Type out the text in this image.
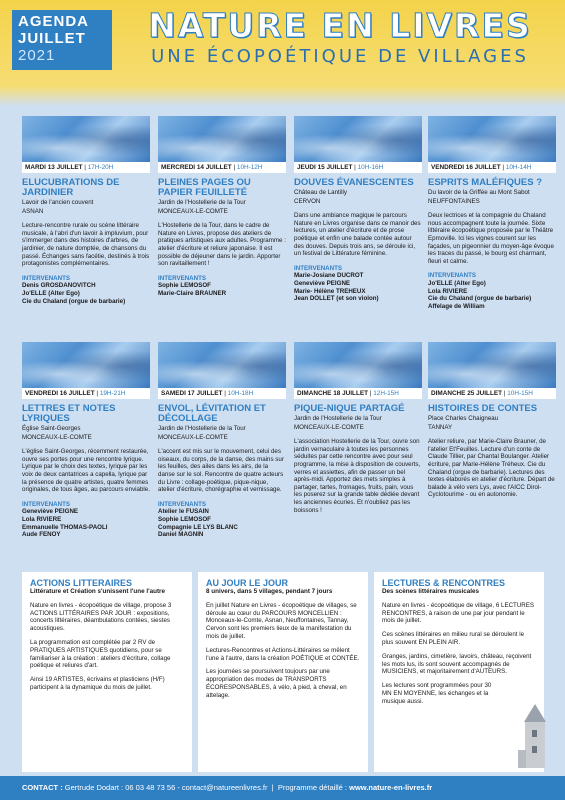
AGENDA
JUILLET
2021
NATURE EN LIVRES
UNE ÉCOPOÉTIQUE DE VILLAGES
MARDI 13 JUILLET | 17H-20H
ELUCUBRATIONS DE JARDINIER
Lavoir de l'ancien couvent
ASNAN
Lecture-rencontre rurale ou scène littéraire musicale, à l'abri d'un lavoir à impluvium, pour s'immerger dans des histoires d'arbres, de jardinier, de nature domptée, de chansons du passé. Échanges sans facétie, destinés à trois protagonistes complémentaires.
INTERVENANTS
Denis GROSDANOVITCH
Jo'ELLE (Alter Ego)
Cie du Chaland (orgue de barbarie)
MERCREDI 14 JUILLET | 10H-12H
PLEINES PAGES OU PAPIER FEUILLETÉ
Jardin de l'Hostellerie de la Tour
MONCEAUX-LE-COMTE
L'Hostellerie de la Tour, dans le cadre de Nature en Livres, propose des ateliers de pratiques artistiques aux adultes. Programme : atelier d'écriture et reliure japonaise. Il est possible de déjeuner dans le jardin. Apporter son ravitaillement !
INTERVENANTS
Sophie LEMOSOF
Marie-Claire BRAUNER
JEUDI 15 JUILLET | 10H-16H
DOUVES ÉVANESCENTES
Château de Lantilly
CERVON
Dans une ambiance magique le parcours Nature en Livres organise dans ce manoir des lectures, un atelier d'écriture et de prose poétique et enfin une balade contée autour des douves. Depuis trois ans, se déroule ici, un festival de Littérature féminine.
INTERVENANTS
Marie-Josiane DUCROT
Geneviève PEIGNE
Marie- Hélène TREHEUX
Jean DOLLET (et son violon)
VENDREDI 16 JUILLET | 10H-14H
ESPRITS MALÉFIQUES ?
Du lavoir de la Griffée au Mont Sabot
NEUFFONTAINES
Deux lectrices et la compagnie du Chaland nous accompagnent toute la journée. Sixte littéraire écopoétique proposée par le Théâtre Epmoville. Ici les vignes courent sur les façades, un pigeonnier du moyen-âge évoque les traces du passé, le bourg est charmant, fleuri et calme.
INTERVENANTS
Jo'ELLE (Alter Ego)
Lola RIVIERE
Cie du Chaland (orgue de barbarie)
Affelage de William
VENDREDI 16 JUILLET | 19H-21H
LETTRES ET NOTES LYRIQUES
Église Saint-Georges
MONCEAUX-LE-COMTE
L'église Saint-Georges, récemment restaurée, ouvre ses portes pour une rencontre lyrique. Lyrique par le choix des textes, lyrique par les voix de deux cantatrices a capella, lyrique par la présence de quatre artistes, quatre femmes originales, de tous âges, au parcours enviable.
INTERVENANTS
Geneviève PEIGNE
Lola RIVIERE
Emmanuelle THOMAS-PAOLI
Aude FENOY
SAMEDI 17 JUILLET | 10H-18H
ENVOL, LÉVITATION ET DÉCOLLAGE
Jardin de l'Hostellerie de la Tour
MONCEAUX-LE-COMTE
L'accent est mis sur le mouvement, celui des oiseaux, du corps, de la danse, des mains sur les feuilles, des ailes dans les airs, de la danse sur le sol. Rencontre de quatre acteurs du Livre : collage-poétique, pique-nique, atelier d'écriture, chorégraphie et vernissage.
INTERVENANTS
Atelier le FUSAIN
Sophie LEMOSOF
Compagnie LE LYS BLANC
Daniel MAGNIN
DIMANCHE 18 JUILLET | 12H-15H
PIQUE-NIQUE PARTAGÉ
Jardin de l'Hostellerie de la Tour
MONCEAUX-LE-COMTE
L'association Hostellerie de la Tour, ouvre son jardin vernaculaire à toutes les personnes séduites par cette rencontre avec pour seul programme, la mise à disposition de couverts, verres et assiettes, afin de passer un bel après-midi. Apportez des mets simples à partager, tartes, fromages, fruits, pain, vous les poserez sur la grande table dédiée devant les anciennes écuries. Et n'oubliez pas les boissons !
DIMANCHE 25 JUILLET | 10H-15H
HISTOIRES DE CONTES
Place Charles Chaigneau
TANNAY
Atelier reliure, par Marie-Claire Brauner, de l'atelier Et'Feuilles. Lecture d'un conte de Claude Tillier, par Chantal Boulanger. Atelier écriture, par Marie-Hélène Tréheux. Cie du Chaland (orgue de barbarie). Lectures des textes élaborés en atelier d'écriture. Départ de balade à vélo vers Lys, avec l'AICC Dirol-Cyclotourime - ou en autonomie.
ACTIONS LITTERAIRES
Littérature et Création s'unissent l'une l'autre

Nature en livres - écopoétique de village, propose 3 ACTIONS LITTÉRAIRES PAR JOUR : expositions, concerts littéraires, déambulations contées, siestes acoustiques.

La programmation est complétée par 2 RV de PRATIQUES ARTISTIQUES quotidiens, pour se familiariser à la création : ateliers d'écriture, collage poétique et reliures d'art.

Ainsi 19 ARTISTES, écrivains et plasticiens (H/F) participent à la dynamique du mois de juillet.

AU JOUR LE JOUR
8 univers, dans 5 villages, pendant 7 jours

En juillet Nature en Livres - écopoétique de villages, se déroule au cœur du PARCOURS MONCELLIEN : Monceaux-le-Comte, Asnan, Neuffontaines, Tannay, Cervon sont les premiers lieux de la manifestation du mois de juillet.

Lectures-Rencontres et Actions-Littéraires se mêlent l'une à l'autre, dans la création POÉTIQUE et CONTÉE.

Les journées se poursuivent toujours par une appropriation des modes de TRANSPORTS ÉCORESPONSABLES, à vélo, à pied, à cheval, en attelage.

LECTURES & RENCONTRES
Des scènes littéraires musicales

Nature en livres - écopoétique de village, 6 LECTURES RENCONTRES, à raison de une par jour pendant le mois de juillet.

Ces scènes littéraires en milieu rural se déroulent le plus souvent EN PLEIN AIR.

Granges, jardins, cimetière, lavoirs, château, reçoivent les mots lus, ils sont souvent accompagnés de MUSICIENS, et majoritairement d'AUTEURS.

Les lectures sont programmées pour 30 MN EN MOYENNE, les échanges et la musique aussi.

CONTACT : Gertrude Dodart : 06 03 48 73 56 - contact@natureenlivres.fr  |  Programme détaillé : www.nature-en-livres.fr
